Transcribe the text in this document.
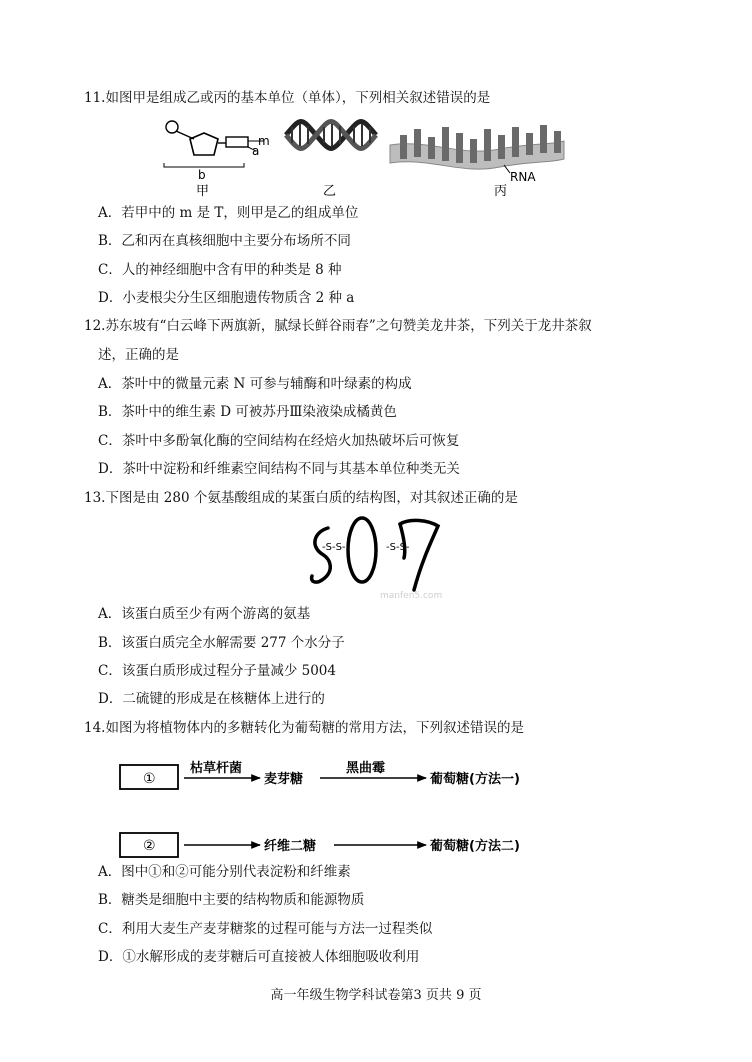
11.如图甲是组成乙或丙的基本单位（单体），下列相关叙述错误的是
m
a
b
甲	乙
RNA
丙
A．若甲中的 m 是 T，则甲是乙的组成单位
B．乙和丙在真核细胞中主要分布场所不同
C．人的神经细胞中含有甲的种类是 8 种
D．小麦根尖分生区细胞遗传物质含 2 种 a
12.苏东坡有“白云峰下两旗新，腻绿长鲜谷雨春”之句赞美龙井茶，下列关于龙井茶叙
述，正确的是
A．茶叶中的微量元素 N 可参与辅酶和叶绿素的构成
B．茶叶中的维生素 D 可被苏丹Ⅲ染液染成橘黄色
C．茶叶中多酚氧化酶的空间结构在经焙火加热破坏后可恢复
D．茶叶中淀粉和纤维素空间结构不同与其基本单位种类无关
13.下图是由 280 个氨基酸组成的某蛋白质的结构图，对其叙述正确的是
-S-S-	-S-S-
manfen5.com
A．该蛋白质至少有两个游离的氨基
B．该蛋白质完全水解需要 277 个水分子
C．该蛋白质形成过程分子量减少 5004
D．二硫键的形成是在核糖体上进行的
14.如图为将植物体内的多糖转化为葡萄糖的常用方法，下列叙述错误的是
①
枯草杆菌
麦芽糖
黑曲霉
葡萄糖(方法一)
②	纤维二糖	葡萄糖(方法二)
A．图中①和②可能分别代表淀粉和纤维素
B．糖类是细胞中主要的结构物质和能源物质
C．利用大麦生产麦芽糖浆的过程可能与方法一过程类似
D．①水解形成的麦芽糖后可直接被人体细胞吸收利用
高一年级生物学科试卷第3 页共 9 页
